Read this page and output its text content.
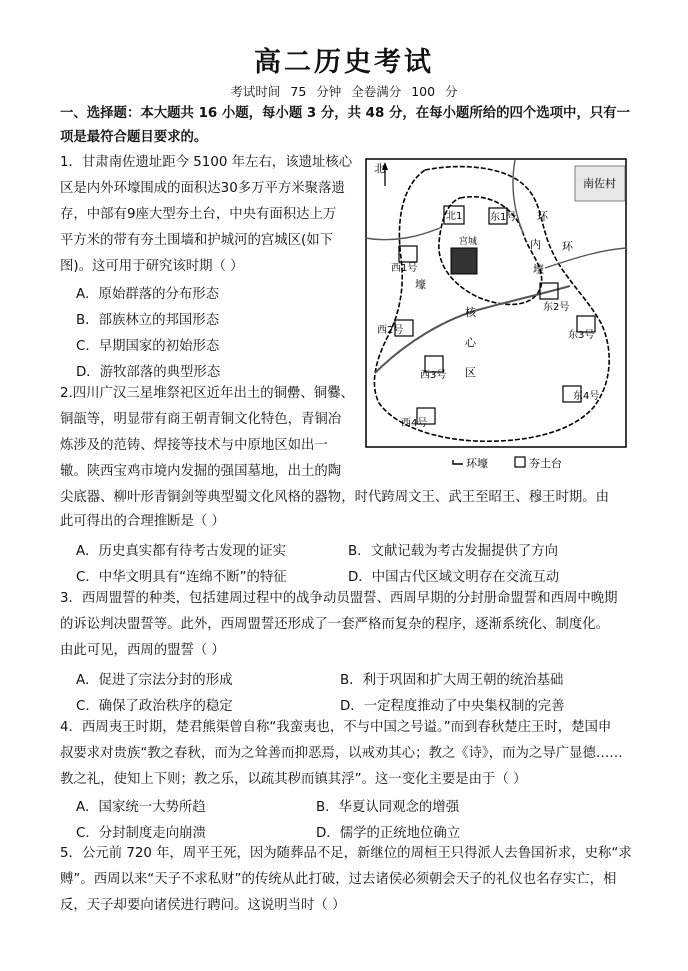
高二历史考试
考试时间 75 分钟 全卷满分 100 分
一、选择题：本大题共 16 小题，每小题 3 分，共 48 分，在每小题所给的四个选项中，只有一
项是最符合题目要求的。
1．甘肃南佐遗址距今 5100 年左右，该遗址核心
区是内外环壕围成的面积达30多万平方米聚落遗
存，中部有9座大型夯土台，中央有面积达上万
平方米的带有夯土围墙和护城河的宫城区(如下
图)。这可用于研究该时期（ ）
A．原始群落的分布形态
B．部族林立的邦国形态
C．早期国家的初始形态
D．游牧部落的典型形态
2.四川广汉三星堆祭祀区近年出土的铜罍、铜爨、
铜瓿等，明显带有商王朝青铜文化特色，青铜冶
炼涉及的范铸、焊接等技术与中原地区如出一
辙。陕西宝鸡市境内发掘的强国墓地，出土的陶
尖底器、柳叶形青铜剑等典型蜀文化风格的器物，时代跨周文王、武王至昭王、穆王时期。由
此可得出的合理推断是（ ）
A．历史真实都有待考古发现的证实	B．文献记载为考古发掘提供了方向
C．中华文明具有“连绵不断”的特征	D．中国古代区域文明存在交流互动
3．西周盟誓的种类，包括建周过程中的战争动员盟誓、西周早期的分封册命盟誓和西周中晚期
的诉讼判决盟誓等。此外，西周盟誓还形成了一套严格而复杂的程序，逐渐系统化、制度化。
由此可见，西周的盟誓（ ）
A．促进了宗法分封的形成	B．利于巩固和扩大周王朝的统治基础
C．确保了政治秩序的稳定	D．一定程度推动了中央集权制的完善
4．西周夷王时期，楚君熊渠曾自称“我蛮夷也，不与中国之号谥。”而到春秋楚庄王时，楚国申
叔要求对贵族“教之春秋，而为之耸善而抑恶焉，以戒劝其心；教之《诗》，而为之导广显德……
教之礼，使知上下则；教之乐，以疏其秽而镇其浮”。这一变化主要是由于（ ）
A．国家统一大势所趋	B．华夏认同观念的增强
C．分封制度走向崩溃	D．儒学的正统地位确立
5．公元前 720 年，周平王死，因为随葬品不足，新继位的周桓王只得派人去鲁国祈求，史称“求
赙”。西周以来“天子不求私财”的传统从此打破，过去诸侯必须朝会天子的礼仪也名存实亡，相
反，天子却要向诸侯进行聘问。这说明当时（ ）
北
南佐村
宫城
北1	东1号 环
内 环
壕
西1号
壕
东2号
东3号
西2号
核
心
区
西3号
东4号
西4号
环壕	夯土台
